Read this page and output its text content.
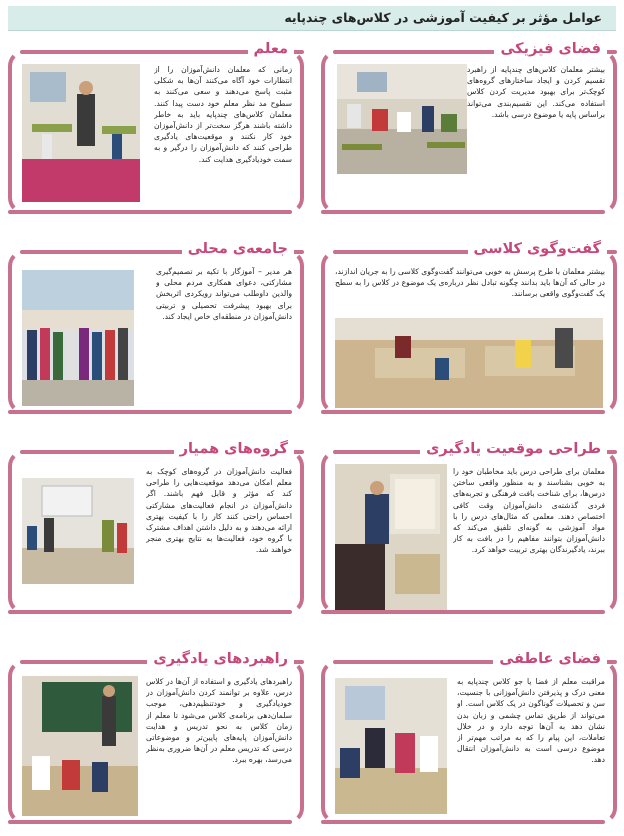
عوامل مؤثر بر کیفیت آموزشی در کلاس‌های چندپایه
فضای فیزیکی
بیشتر معلمان کلاس‌های چندپایه از راهبرد تقسیم کردن و ایجاد ساختارهای گروه‌های کوچک‌تر برای بهبود مدیریت کردن کلاس استفاده می‌کند. این تقسیم‌بندی می‌تواند براساس پایه یا موضوع درسی باشد.
معلم
زمانی که معلمان دانش‌آموزان را از انتظارات خود آگاه می‌کنند آن‌ها به شکلی مثبت پاسخ می‌دهند و سعی می‌کنند به سطوح مد نظر معلم خود دست پیدا کنند. معلمان کلاس‌های چندپایه باید به خاطر داشته باشند هرگز سخت‌تر از دانش‌آموزان خود کار نکنند و موقعیت‌های یادگیری طراحی کنند که دانش‌آموزان را درگیر و به سمت خودیادگیری هدایت کند.
گفت‌وگوی کلاسی
بیشتر معلمان با طرح پرسش به خوبی می‌توانند گفت‌وگوی کلاسی را به جریان اندازند، در حالی که آن‌ها باید بدانند چگونه تبادل نظر درباره‌ی یک موضوع در کلاس را به سطح یک گفت‌وگوی واقعی برسانند.
جامعه‌ی محلی
هر مدیر – آموزگار با تکیه بر تصمیم‌گیری مشارکتی، دعوای همکاری مردم محلی و والدین داوطلب می‌تواند رویکردی اثربخش برای بهبود پیشرفت تحصیلی و تربیتی دانش‌آموزان در منطقه‌ای خاص ایجاد کند.
طراحی موقعیت یادگیری
معلمان برای طراحی درس باید مخاطبان خود را به خوبی بشناسند و به منظور واقعی ساختن درس‌ها، برای شناخت بافت فرهنگی و تجربه‌های فردی گذشته‌ی دانش‌آموزان وقت کافی اختصاص دهند. معلمی که مثال‌های درس را با مواد آموزشی به گونه‌ای تلفیق می‌کند که دانش‌آموزان بتوانند مفاهیم را در بافت به کار ببرند، یادگیرندگان بهتری تربیت خواهد کرد.
گروه‌های همیار
فعالیت دانش‌آموزان در گروه‌های کوچک به معلم امکان می‌دهد موقعیت‌هایی را طراحی کند که مؤثر و قابل فهم باشند. اگر دانش‌آموزان در انجام فعالیت‌های مشارکتی احساس راحتی کنند کار را با کیفیت بهتری ارائه می‌دهند و به دلیل داشتن اهداف مشترک با گروه خود، فعالیت‌ها به نتایج بهتری منجر خواهند شد.
فضای عاطفی
مراقبت معلم از فضا یا جو کلاس چندپایه به معنی درک و پذیرفتن دانش‌آموزانی با جنسیت، سن و تحصیلات گوناگون در یک کلاس است. او می‌تواند از طریق تماس چشمی و زبان بدن نشان دهد به آن‌ها توجه دارد و در خلال تعاملات، این پیام را که به مراتب مهم‌تر از موضوع درسی است به دانش‌آموزان انتقال دهد.
راهبردهای یادگیری
راهبردهای یادگیری و استفاده از آن‌ها در کلاس درس، علاوه بر توانمند کردن دانش‌آموزان در خودیادگیری و خودتنظیم‌دهی، موجب سلمان‌دهی برنامه‌ی کلاس می‌شود تا معلم از زمان کلاس به نحو تدریس و هدایت دانش‌آموزان پایه‌های پایین‌تر و موضوعاتی درسی که تدریس معلم در آن‌ها ضروری به‌نظر می‌رسد، بهره ببرد.
